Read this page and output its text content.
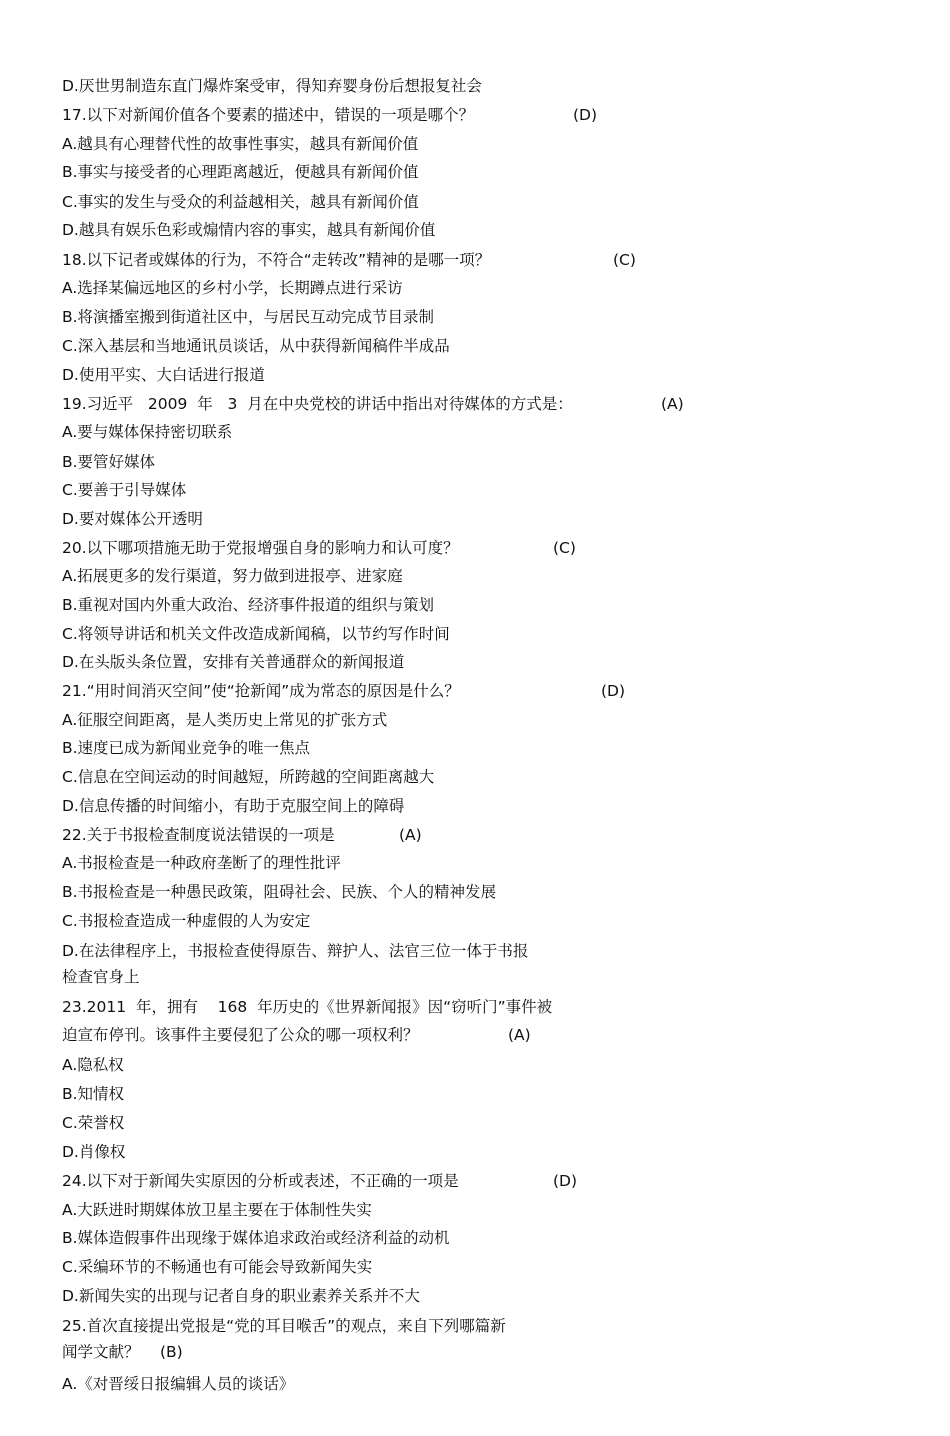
D.厌世男制造东直门爆炸案受审，得知弃婴身份后想报复社会
17.以下对新闻价值各个要素的描述中，错误的一项是哪个？	(D)
A.越具有心理替代性的故事性事实，越具有新闻价值
B.事实与接受者的心理距离越近，便越具有新闻价值
C.事实的发生与受众的利益越相关，越具有新闻价值
D.越具有娱乐色彩或煽情内容的事实，越具有新闻价值
18.以下记者或媒体的行为，不符合“走转改”精神的是哪一项？	(C)
A.选择某偏远地区的乡村小学，长期蹲点进行采访
B.将演播室搬到街道社区中，与居民互动完成节目录制
C.深入基层和当地通讯员谈话，从中获得新闻稿件半成品
D.使用平实、大白话进行报道
19.习近平   2009  年   3  月在中央党校的讲话中指出对待媒体的方式是：	(A)
A.要与媒体保持密切联系
B.要管好媒体
C.要善于引导媒体
D.要对媒体公开透明
20.以下哪项措施无助于党报增强自身的影响力和认可度？	(C)
A.拓展更多的发行渠道，努力做到进报亭、进家庭
B.重视对国内外重大政治、经济事件报道的组织与策划
C.将领导讲话和机关文件改造成新闻稿，以节约写作时间
D.在头版头条位置，安排有关普通群众的新闻报道
21.“用时间消灭空间”使“抢新闻”成为常态的原因是什么？	(D)
A.征服空间距离，是人类历史上常见的扩张方式
B.速度已成为新闻业竞争的唯一焦点
C.信息在空间运动的时间越短，所跨越的空间距离越大
D.信息传播的时间缩小，有助于克服空间上的障碍
22.关于书报检查制度说法错误的一项是	(A)
A.书报检查是一种政府垄断了的理性批评
B.书报检查是一种愚民政策，阻碍社会、民族、个人的精神发展
C.书报检查造成一种虚假的人为安定
D.在法律程序上，书报检查使得原告、辩护人、法官三位一体于书报
检查官身上
23.2011  年，拥有    168  年历史的《世界新闻报》因“窃听门”事件被
迫宣布停刊。该事件主要侵犯了公众的哪一项权利？	(A)
A.隐私权
B.知情权
C.荣誉权
D.肖像权
24.以下对于新闻失实原因的分析或表述，不正确的一项是	(D)
A.大跃进时期媒体放卫星主要在于体制性失实
B.媒体造假事件出现缘于媒体追求政治或经济利益的动机
C.采编环节的不畅通也有可能会导致新闻失实
D.新闻失实的出现与记者自身的职业素养关系并不大
25.首次直接提出党报是“党的耳目喉舌”的观点，来自下列哪篇新
闻学文献？ (B)
A.《对晋绥日报编辑人员的谈话》
